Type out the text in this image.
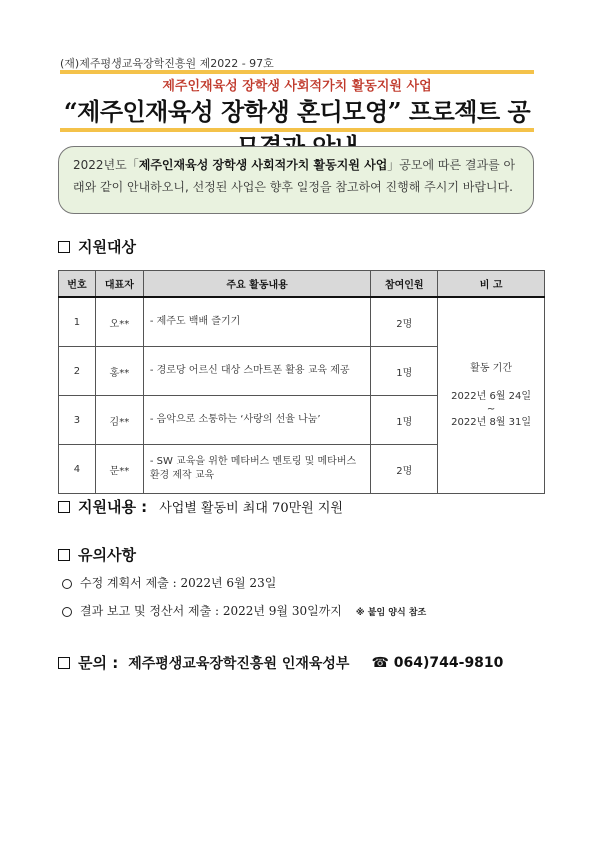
(재)제주평생교육장학진흥원 제2022 - 97호
제주인재육성 장학생 사회적가치 활동지원 사업
“제주인재육성 장학생 혼디모영” 프로젝트 공
2022년도「제주인재육성 장학생 사회적가치 활동지원 사업」공모에 따른 결과를 아래와 같이 안내하오니, 선정된 사업은 향후 일정을 참고하여 진행해 주시기 바랍니다.
지원대상
번호	대표자	주요 활동내용	참여인원	비 고
1	오**	- 제주도 백배 즐기기	2명	활동 기간
2022년 6월 24일
~
2022년 8월 31일

2	홍**	- 경로당 어르신 대상 스마트폰 활용 교육 제공	1명	
3	김**	- 음악으로 소통하는 ‘사랑의 선율 나눔’	1명	
4	문**	- SW 교육을 위한 메타버스 멘토링 및 메타버스 환경 제작 교육	2명	
지원내용 : 사업별 활동비 최대 70만원 지원
유의사항
수정 계획서 제출 : 2022년 6월 23일
결과 보고 및 정산서 제출 : 2022년 9월 30일까지 ※ 붙임 양식 참조
문의 : 제주평생교육장학진흥원 인재육성부 ☎ 064)744-9810
